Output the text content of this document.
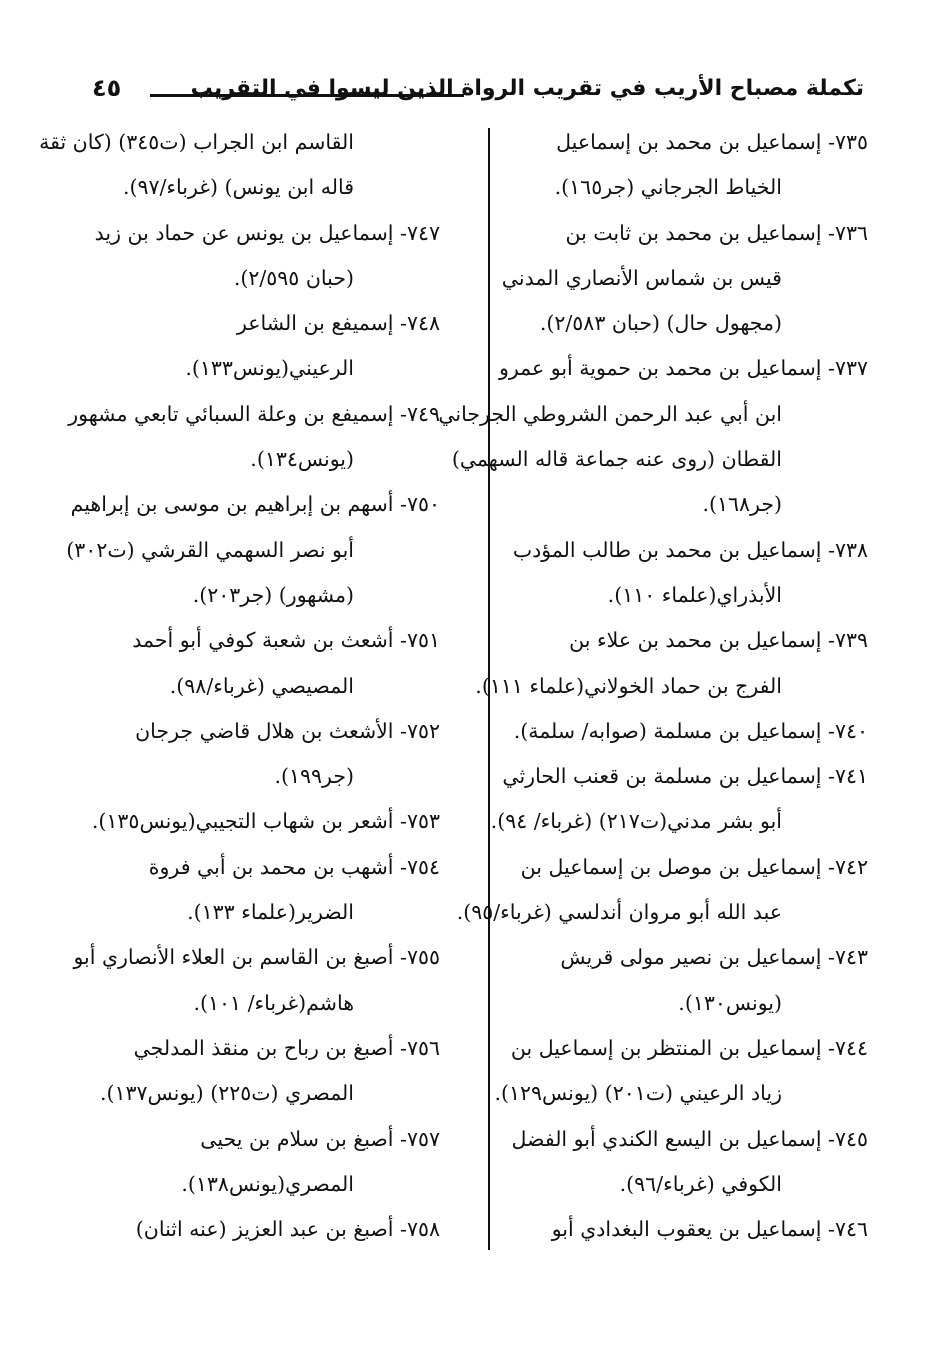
تكملة مصباح الأريب في تقريب الرواة الذين ليسوا في التقريب
٤٥

٧٣٥- إسماعيل بن محمد بن إسماعيل
الخياط الجرجاني (جر١٦٥).

٧٣٦- إسماعيل بن محمد بن ثابت بن
قيس بن شماس الأنصاري المدني
(مجهول حال) (حبان ٢/٥٨٣).

٧٣٧- إسماعيل بن محمد بن حموية أبو عمرو
ابن أبي عبد الرحمن الشروطي الجرجاني
القطان (روى عنه جماعة قاله السهمي)
(جر١٦٨).

٧٣٨- إسماعيل بن محمد بن طالب المؤدب
الأبذراي(علماء ١١٠).

٧٣٩- إسماعيل بن محمد بن علاء بن
الفرج بن حماد الخولاني(علماء ١١١).

٧٤٠- إسماعيل بن مسلمة (صوابه/ سلمة).

٧٤١- إسماعيل بن مسلمة بن قعنب الحارثي
أبو بشر مدني(ت٢١٧) (غرباء/ ٩٤).

٧٤٢- إسماعيل بن موصل بن إسماعيل بن
عبد الله أبو مروان أندلسي (غرباء/٩٥).

٧٤٣- إسماعيل بن نصير مولى قريش
(يونس١٣٠).

٧٤٤- إسماعيل بن المنتظر بن إسماعيل بن
زياد الرعيني (ت٢٠١) (يونس١٢٩).

٧٤٥- إسماعيل بن اليسع الكندي أبو الفضل
الكوفي (غرباء/٩٦).

٧٤٦- إسماعيل بن يعقوب البغدادي أبو

القاسم ابن الجراب (ت٣٤٥) (كان ثقة
قاله ابن يونس) (غرباء/٩٧).

٧٤٧- إسماعيل بن يونس عن حماد بن زيد
(حبان ٢/٥٩٥).

٧٤٨- إسميفع بن الشاعر
الرعيني(يونس١٣٣).

٧٤٩- إسميفع بن وعلة السبائي تابعي مشهور
(يونس١٣٤).

٧٥٠- أسهم بن إبراهيم بن موسى بن إبراهيم
أبو نصر السهمي القرشي (ت٣٠٢)
(مشهور) (جر٢٠٣).

٧٥١- أشعث بن شعبة كوفي أبو أحمد
المصيصي (غرباء/٩٨).

٧٥٢- الأشعث بن هلال قاضي جرجان
(جر١٩٩).

٧٥٣- أشعر بن شهاب التجيبي(يونس١٣٥).

٧٥٤- أشهب بن محمد بن أبي فروة
الضرير(علماء ١٣٣).

٧٥٥- أصبغ بن القاسم بن العلاء الأنصاري أبو
هاشم(غرباء/ ١٠١).

٧٥٦- أصبغ بن رباح بن منقذ المدلجي
المصري (ت٢٢٥) (يونس١٣٧).

٧٥٧- أصبغ بن سلام بن يحيى
المصري(يونس١٣٨).

٧٥٨- أصبغ بن عبد العزيز (عنه اثنان)
